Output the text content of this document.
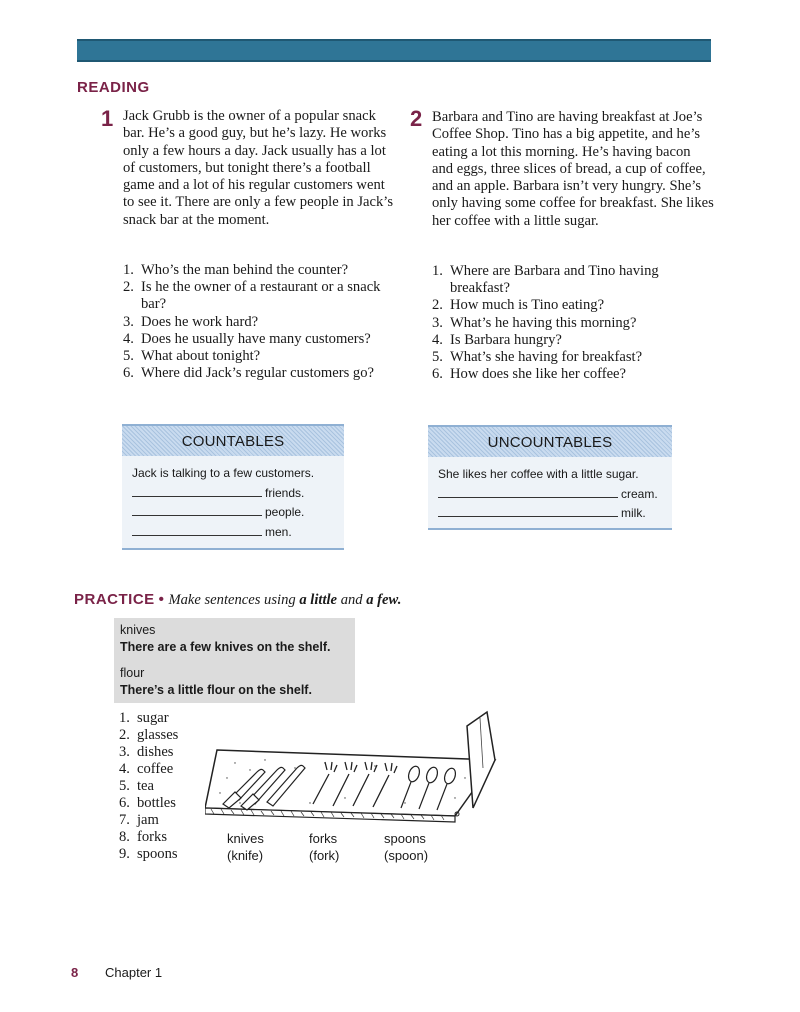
READING
1 Jack Grubb is the owner of a popular snack bar. He’s a good guy, but he’s lazy. He works only a few hours a day. Jack usually has a lot of customers, but tonight there’s a football game and a lot of his regular customers went to see it. There are only a few people in Jack’s snack bar at the moment.
1. Who’s the man behind the counter?
2. Is he the owner of a restaurant or a snack bar?
3. Does he work hard?
4. Does he usually have many customers?
5. What about tonight?
6. Where did Jack’s regular customers go?
2 Barbara and Tino are having breakfast at Joe’s Coffee Shop. Tino has a big appetite, and he’s eating a lot this morning. He’s having bacon and eggs, three slices of bread, a cup of coffee, and an apple. Barbara isn’t very hungry. She’s only having some coffee for breakfast. She likes her coffee with a little sugar.
1. Where are Barbara and Tino having breakfast?
2. How much is Tino eating?
3. What’s he having this morning?
4. Is Barbara hungry?
5. What’s she having for breakfast?
6. How does she like her coffee?
COUNTABLES
Jack is talking to a few customers.
friends.
people.
men.
UNCOUNTABLES
She likes her coffee with a little sugar.
cream.
milk.
PRACTICE • Make sentences using a little and a few.
knives
There are a few knives on the shelf.
flour
There’s a little flour on the shelf.
1. sugar
2. glasses
3. dishes
4. coffee
5. tea
6. bottles
7. jam
8. forks
9. spoons
knives
(knife)
forks
(fork)
spoons
(spoon)
8 Chapter 1
